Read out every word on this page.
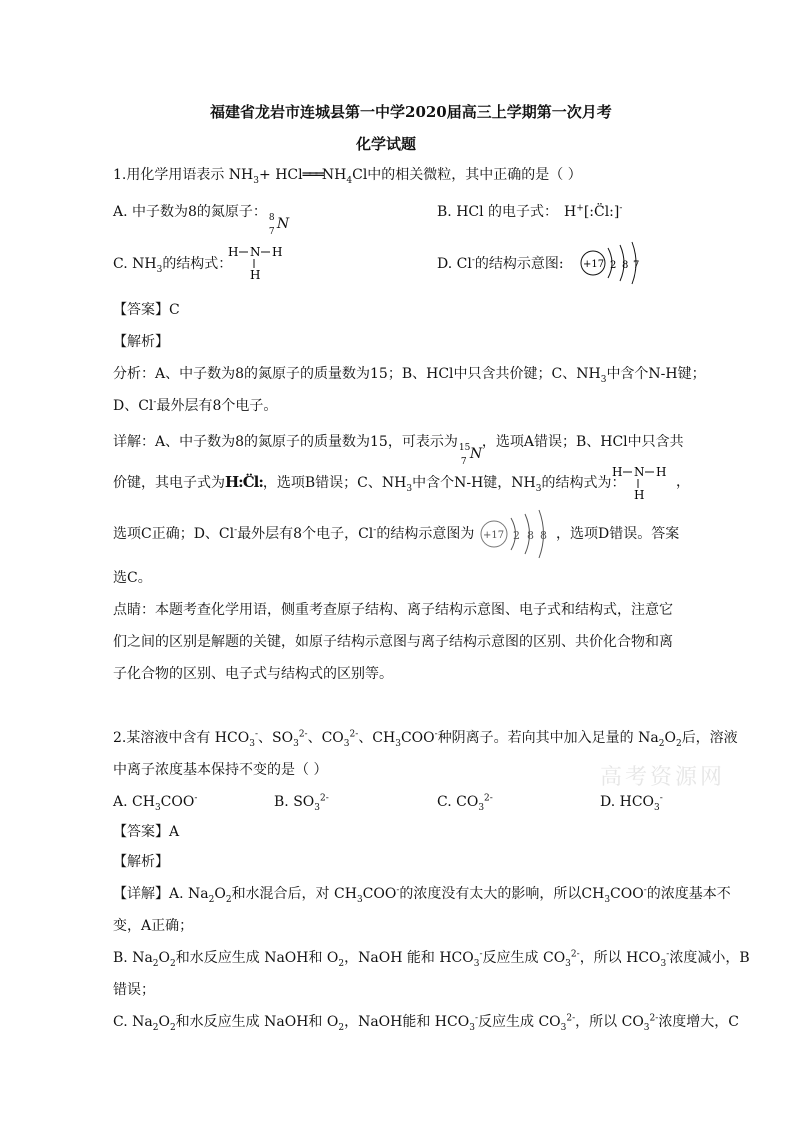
福建省龙岩市连城县第一中学2020届高三上学期第一次月考
化学试题
1.用化学用语表示 $NH_3+$ $HCl═══NH_4Cl$中的相关微粒，其中正确的是（ ）
A. 中子数为8的氮原子： 8
7 N
B. HCl 的电子式： H+[:C̈l:]-
C. $NH_3$的结构式：
H N H
H
D. Cl-的结构示意图: +17 2 8 7
【答案】C
【解析】
分析：A、中子数为8的氮原子的质量数为15；B、HCl中只含共价键；C、$NH_3$中含个N-H键；
D、Cl-最外层有8个电子。
详解：A、中子数为8的氮原子的质量数为15，可表示为 15
7 N
，选项A错误；B、HCl中只含共
价键，其电子式为H:C̈l:，选项B错误；C、$NH_3$中含个N-H键，$NH_3$的结构式为：
H N H
H
，
选项C正确；D、Cl-最外层有8个电子，Cl-的结构示意图为 +17 2 8 8 ，选项D错误。答案
选C。
点睛：本题考查化学用语，侧重考查原子结构、离子结构示意图、电子式和结构式，注意它
们之间的区别是解题的关键，如原子结构示意图与离子结构示意图的区别、共价化合物和离
子化合物的区别、电子式与结构式的区别等。
2.某溶液中含有 $HCO_3^-$、$SO_3^{2-}$、$CO_3^{2-}$、$CH_3COO^-$种阴离子。若向其中加入足量的 $Na_2O_2$后，溶液
中离子浓度基本保持不变的是（ ）
A. $CH_3COO^-$	B. $SO_3^{2-}$	C. $CO_3^{2-}$	D. $HCO_3^-$
【答案】A
【解析】
【详解】A. $Na_2O_2$和水混合后，对 $CH_3COO^-$的浓度没有太大的影响，所以$CH_3COO^-$的浓度基本不
变，A正确；
B. $Na_2O_2$和水反应生成 NaOH和 $O_2$，NaOH 能和 $HCO_3^-$反应生成 $CO_3^{2-}$，所以 $HCO_3^-$浓度减小，B
错误；
C. $Na_2O_2$和水反应生成 NaOH和 $O_2$，NaOH能和 $HCO_3^-$反应生成 $CO_3^{2-}$，所以 $CO_3^{2-}$浓度增大，C
高考资源网
